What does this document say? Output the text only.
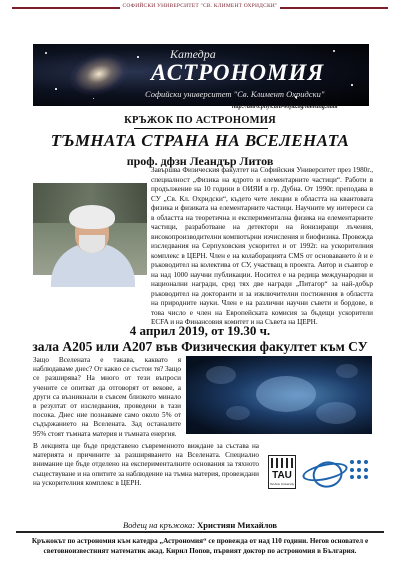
СОФИЙСКИ УНИВЕРСИТЕТ "СВ. КЛИМЕНТ ОХРИДСКИ"
Катедра
АСТРОНОМИЯ
Софийски университет "Св. Климент Охридски"
http://astro.phys.uni-sofia.bg/meeting.html
КРЪЖОК ПО АСТРОНОМИЯ
ТЪМНАТА СТРАНА НА ВСЕЛЕНАТА
проф. дфзн Леандър Литов
Завършва Физическия факултет на Софийския Университет през 1980г., специалност „Физика на ядрото и елементарните частици“. Работи в продължение на 10 години в ОИЯИ в гр. Дубна. От 1990г. преподава в СУ „Св. Кл. Охридски“, където чете лекции в областта на квантовата физика и физиката на елементарните частици. Научните му интереси са в областта на теоретична и експериментална физика на елементарните частици, разработване на детектори на йонизиращи лъчения, високопроизводителни компютърни изчисления и биофизика. Провежда изследвания на Серпуховския ускорител и от 1992г. на ускорителния комплекс в ЦЕРН. Член е на колаборацията CMS от основаването ѝ и е ръководител на колектива от СУ, участващ в проекта. Автор и съавтор е на над 1000 научни публикации. Носител е на редица международни и национални награди, сред тях две награди „Питагор“ за най-добър ръководител на докторанти и за изключителни постижения в областта на природните науки. Член е на различни научни съвети и бордове, в това число е член на Европейската комисия за бъдещи ускорители ECFA и на Финансовия комитет и на Съвета на ЦЕРН.
4 април 2019, от 19.30 ч.
зала А205 или А207 във Физическия факултет към СУ
Защо Вселената е такава, каквато я наблюдаваме днес? От какво се състои тя? Защо се разширява? На много от тези въпроси учените се опитват да отговорят от векове, а други са възникнали в съвсем близкото минало в резултат от изследвания, проведени в тази посока. Днес ние познаваме само около 5% от съдържанието на Вселената. Зад останалите 95% стоят тъмната материя и тъмната енергия.
В лекцията ще бъде представено съвременното виждане за състава на материята и причините за разширяването на Вселената. Специално внимание ще бъде отделено на експерименталните основания за тяхното съществуване и на опитите за наблюдение на тъмна материя, провеждани на ускорителния комплекс в ЦЕРН.
TAU
Tel Aviv University
Водещ на кръжока: Християн Михайлов
Кръжокът по астрономия към катедра „Астрономия“ се провежда от над 110 години. Негов основател е световноизвестният математик акад. Кирил Попов, първият доктор по астрономия в България.
